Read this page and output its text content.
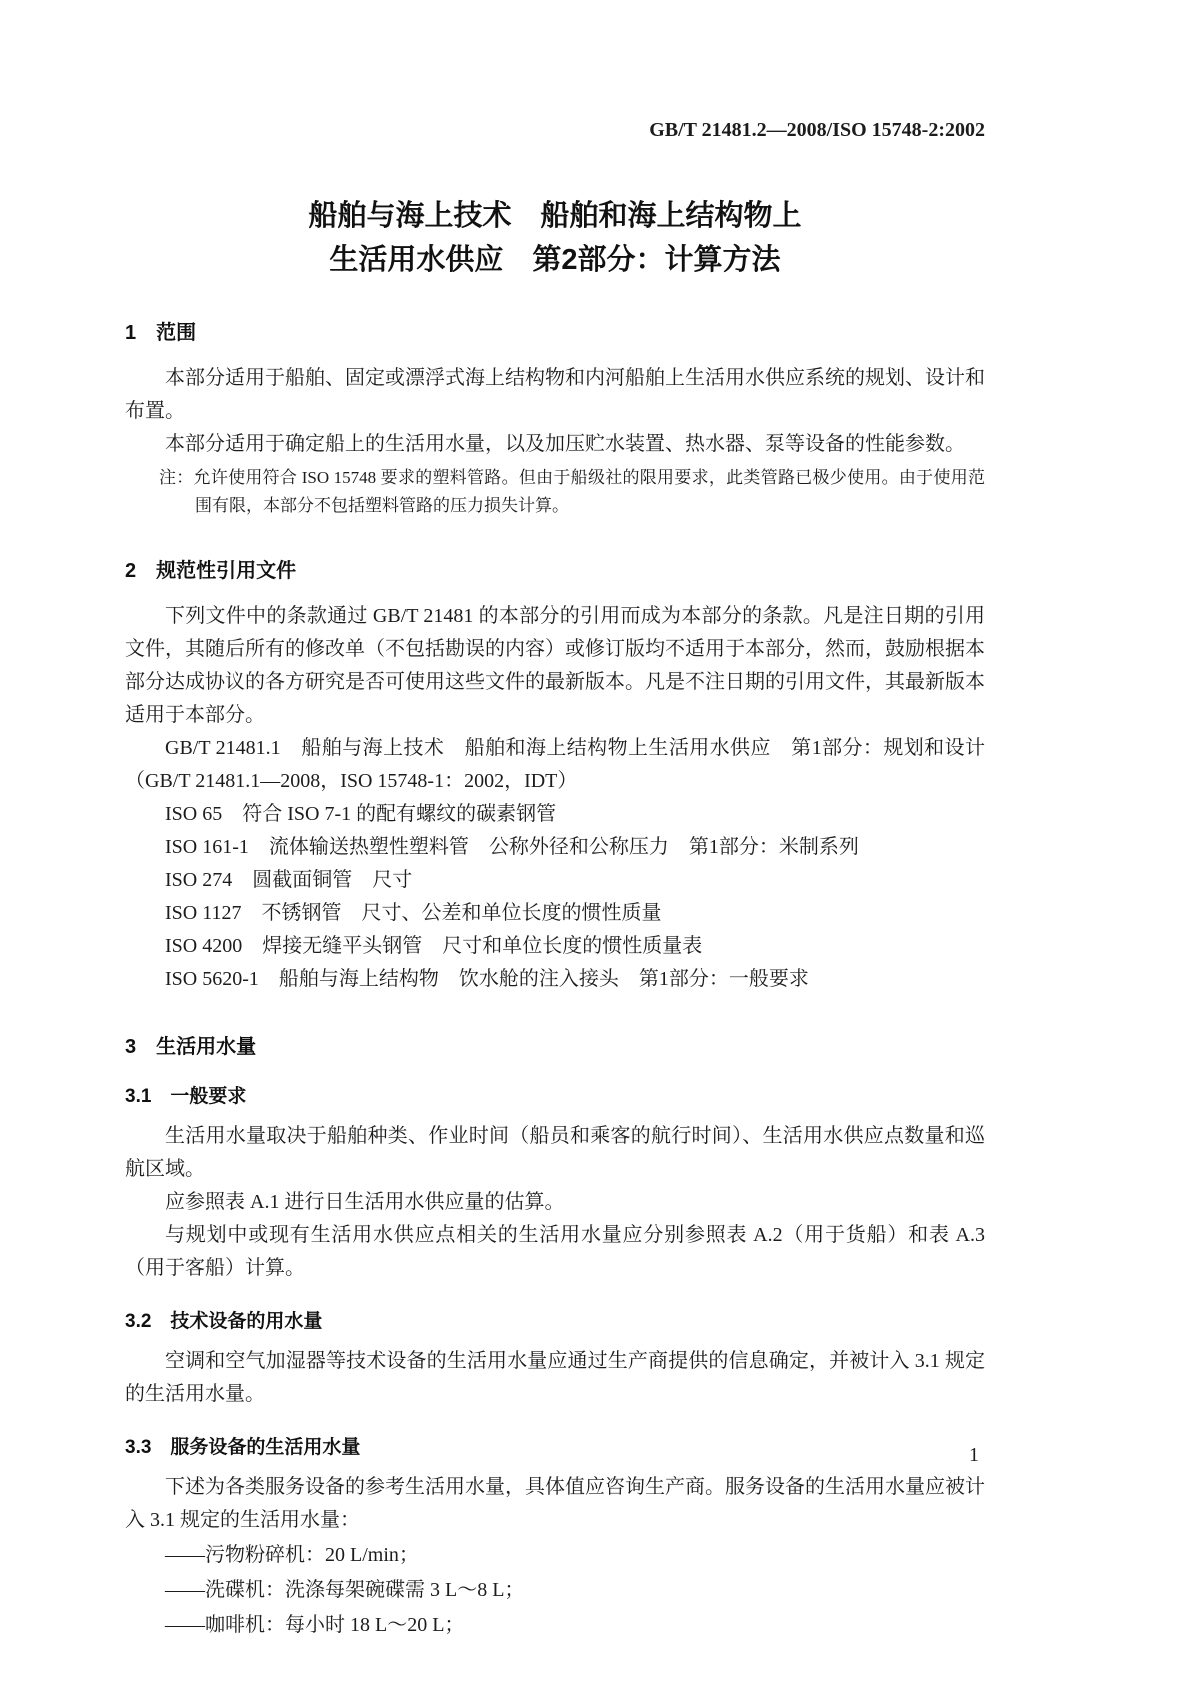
GB/T 21481.2—2008/ISO 15748-2:2002
船舶与海上技术　船舶和海上结构物上
生活用水供应　第2部分：计算方法
1　范围

本部分适用于船舶、固定或漂浮式海上结构物和内河船舶上生活用水供应系统的规划、设计和布置。

本部分适用于确定船上的生活用水量，以及加压贮水装置、热水器、泵等设备的性能参数。

注：允许使用符合 ISO 15748 要求的塑料管路。但由于船级社的限用要求，此类管路已极少使用。由于使用范围有限，本部分不包括塑料管路的压力损失计算。

2　规范性引用文件

下列文件中的条款通过 GB/T 21481 的本部分的引用而成为本部分的条款。凡是注日期的引用文件，其随后所有的修改单（不包括勘误的内容）或修订版均不适用于本部分，然而，鼓励根据本部分达成协议的各方研究是否可使用这些文件的最新版本。凡是不注日期的引用文件，其最新版本适用于本部分。

GB/T 21481.1　船舶与海上技术　船舶和海上结构物上生活用水供应　第1部分：规划和设计（GB/T 21481.1—2008，ISO 15748-1：2002，IDT）

ISO 65　符合 ISO 7-1 的配有螺纹的碳素钢管

ISO 161-1　流体输送热塑性塑料管　公称外径和公称压力　第1部分：米制系列

ISO 274　圆截面铜管　尺寸

ISO 1127　不锈钢管　尺寸、公差和单位长度的惯性质量

ISO 4200　焊接无缝平头钢管　尺寸和单位长度的惯性质量表

ISO 5620-1　船舶与海上结构物　饮水舱的注入接头　第1部分：一般要求

3　生活用水量
3.1　一般要求

生活用水量取决于船舶种类、作业时间（船员和乘客的航行时间）、生活用水供应点数量和巡航区域。

应参照表 A.1 进行日生活用水供应量的估算。

与规划中或现有生活用水供应点相关的生活用水量应分别参照表 A.2（用于货船）和表 A.3（用于客船）计算。

3.2　技术设备的用水量

空调和空气加湿器等技术设备的生活用水量应通过生产商提供的信息确定，并被计入 3.1 规定的生活用水量。

3.3　服务设备的生活用水量

下述为各类服务设备的参考生活用水量，具体值应咨询生产商。服务设备的生活用水量应被计入 3.1 规定的生活用水量：

——污物粉碎机：20 L/min；

——洗碟机：洗涤每架碗碟需 3 L～8 L；

——咖啡机：每小时 18 L～20 L；

1
